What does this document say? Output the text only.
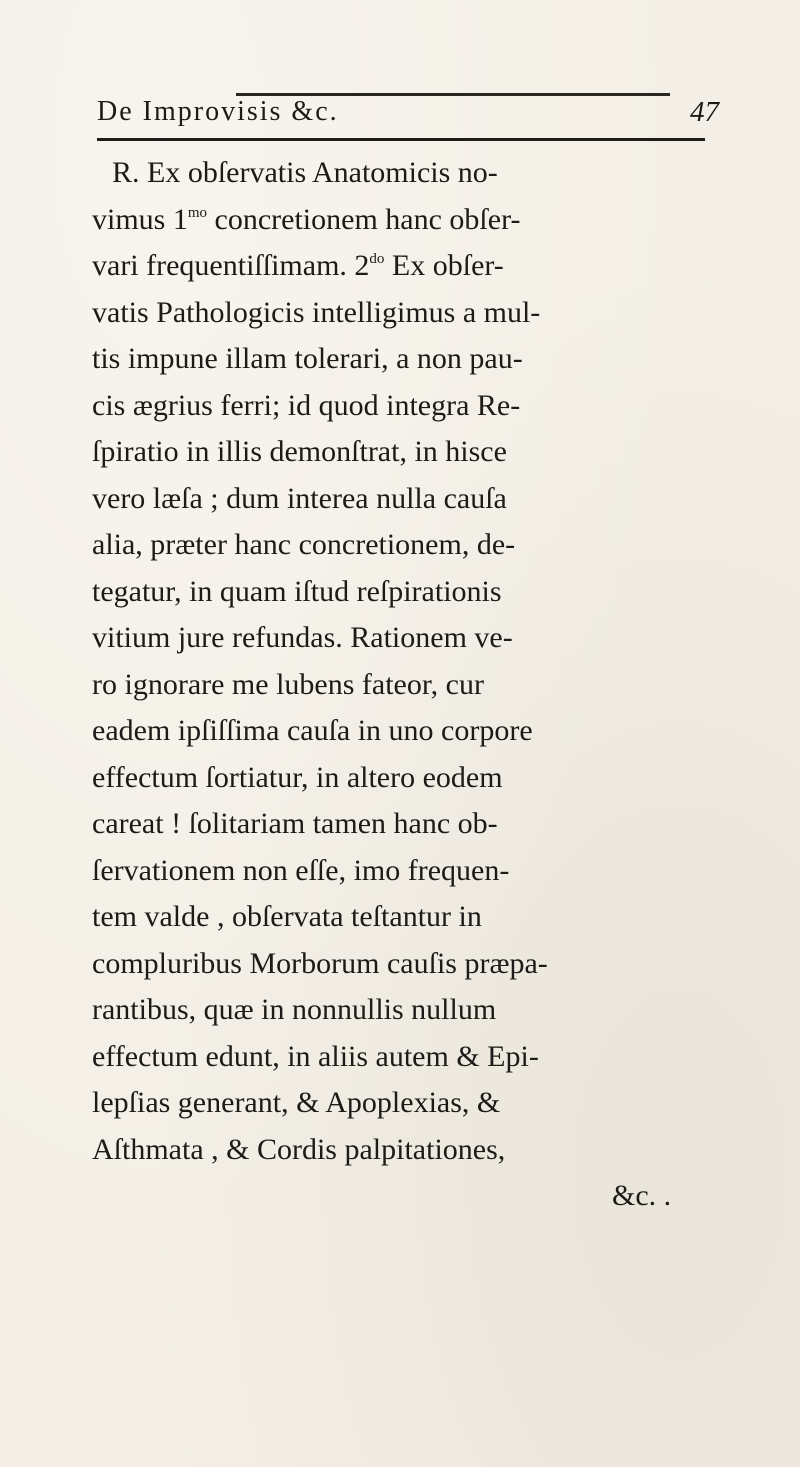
De Improvisis &c.	47
R. Ex obſervatis Anatomicis no-
vimus $1^{mo}$ concretionem hanc obſer-
vari frequentiſſimam. $2^{do}$ Ex obſer-
vatis Pathologicis intelligimus a mul-
tis impune illam tolerari, a non pau-
cis ægrius ferri; id quod integra Re-
ſpiratio in illis demonſtrat, in hisce
vero læſa ; dum interea nulla cauſa
alia, præter hanc concretionem, de-
tegatur, in quam iſtud reſpirationis
vitium jure refundas. Rationem ve-
ro ignorare me lubens fateor, cur
eadem ipſiſſima cauſa in uno corpore
effectum ſortiatur, in altero eodem
careat ! ſolitariam tamen hanc ob-
ſervationem non eſſe, imo frequen-
tem valde , obſervata teſtantur in
compluribus Morborum cauſis præpa-
rantibus, quæ in nonnullis nullum
effectum edunt, in aliis autem & Epi-
lepſias generant, & Apoplexias, &
Aſthmata , & Cordis palpitationes,
&c. .
